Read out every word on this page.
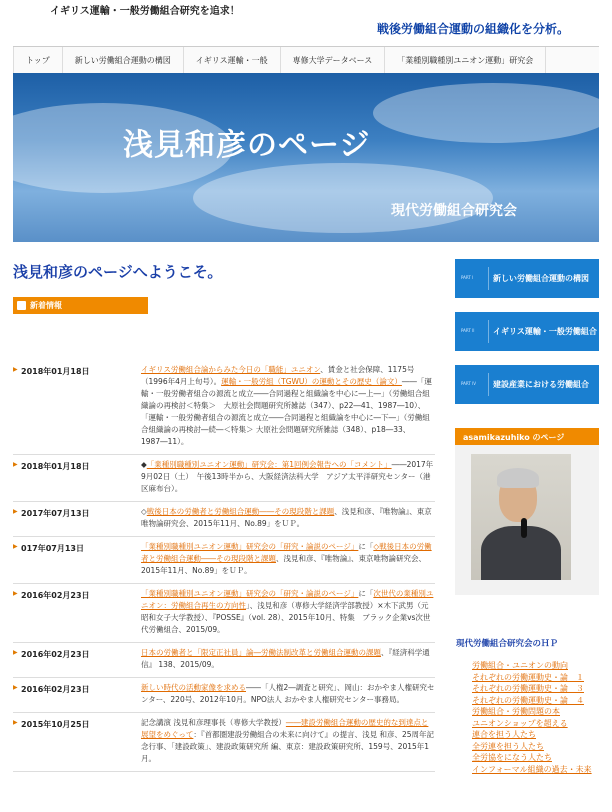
イギリス運輸・一般労働組合研究を追求！
戦後労働組合運動の組織化を分析。
トップ	新しい労働組合運動の構図	イギリス運輸・一般	専修大学データベース	「業種別職種別ユニオン運動」研究会
浅見和彦のページ
現代労働組合研究会
浅見和彦のページへようこそ。
新着情報
▶ 2018年01月18日	イギリス労働組合論からみた今日の「職能」ユニオン、賃金と社会保障、1175号（1996年4月上旬号）。運輸・一般労組（TGWU）の運動とその歴史（論文）――「運輸・一般労働者組合の源流と成立――合同過程と組織論を中心に―上―」（労働組合組織論の再検討＜特集＞　大原社会問題研究所雑誌（347）、p22―41、1987―10）、「運輸・一般労働者組合の源流と成立――合同過程と組織論を中心に―下―」（労働組合組織論の再検討―続―＜特集＞ 大原社会問題研究所雑誌（348）、p18―33、1987―11）。
▶ 2018年01月18日	◆「業種別職種別ユニオン運動」研究会：第1回例会報告への「コメント」――2017年9月02日（土）　午後13時半から、大阪経済法科大学　アジア太平洋研究センター（港区麻布台）。
▶ 2017年07月13日	◇戦後日本の労働者と労働組合運動――その現段階と課題、浅見和彦、『唯物論』、東京唯物論研究会、2015年11月、No.89」をＵＰ。
▶ 017年07月13日	「業種別職種別ユニオン運動」研究会の「研究・論説のページ」に「◇戦後日本の労働者と労働組合運動――その現段階と課題、浅見和彦、『唯物論』、東京唯物論研究会、2015年11月、No.89」をＵＰ。
▶ 2016年02月23日	「業種別職種別ユニオン運動」研究会の「研究・論説のページ」に「次世代の業種別ユニオン：労働組合再生の方向性」、浅見和彦（専修大学経済学部教授）×木下武男（元昭和女子大学教授）、『POSSE』（vol. 28）、2015年10月、特集　ブラック企業vs次世代労働組合、2015/09。
▶ 2016年02月23日	日本の労働者と「限定正社員」論―労働法制改革と労働組合運動の課題、『経済科学通信』 138、2015/09。
▶ 2016年02月23日	新しい時代の活動家像を求める――「人権2―調査と研究」、岡山：おかやま人権研究センター、220号、2012年10月。NPO法人 おかやま人権研究センター事務局。
▶ 2015年10月25日	記念講演 浅見和彦理事長（専修大学教授）――建設労働組合運動の歴史的な到達点と展望をめぐって：『首都圏建設労働組合の未来に向けて』の提言、浅見 和彦、25周年記念行事、「建設政策」、建設政策研究所 編、東京：建設政策研究所、159号、2015年1月。
PART I 新しい労働組合運動の構図
PART II イギリス運輸・一般労働組合
PART IV 建設産業における労働組合
asamikazuhiko のページ
現代労働組合研究会のＨＰ
労働組合・ユニオンの動向
それぞれの労働運動史・論　１
それぞれの労働運動史・論　３
それぞれの労働運動史・論　４
労働組合・労働問題の本
ユニオンショップを超える
連合を担う人たち
全労連を担う人たち
全労協をになう人たち
インフォーマル組織の過去・未来
